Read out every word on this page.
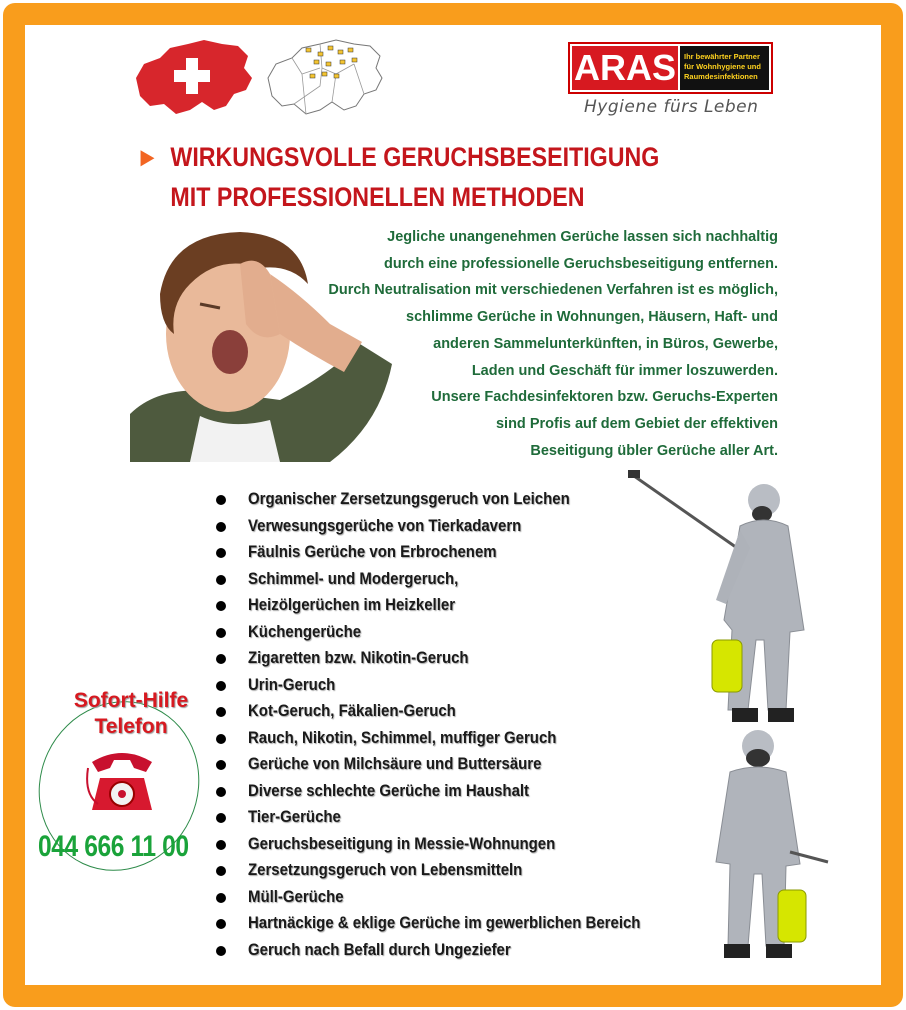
ARAS Ihr bewährter Partner
für Wohnhygiene und
Raumdesinfektionen
Hygiene fürs Leben
► WIRKUNGSVOLLE GERUCHSBESEITIGUNG
MIT PROFESSIONELLEN METHODEN
Jegliche unangenehmen Gerüche lassen sich nachhaltig
durch eine professionelle Geruchsbeseitigung entfernen.
Durch Neutralisation mit verschiedenen Verfahren ist es möglich,
schlimme Gerüche in Wohnungen, Häusern, Haft- und
anderen Sammelunterkünften, in Büros, Gewerbe,
Laden und Geschäft für immer loszuwerden.
Unsere Fachdesinfektoren bzw. Geruchs-Experten
sind Profis auf dem Gebiet der effektiven
Beseitigung übler Gerüche aller Art.
Organischer Zersetzungsgeruch von Leichen
Verwesungsgerüche von Tierkadavern
Fäulnis Gerüche von Erbrochenem
Schimmel- und Modergeruch,
Heizölgerüchen im Heizkeller
Küchengerüche
Zigaretten bzw. Nikotin-Geruch
Urin-Geruch
Kot-Geruch, Fäkalien-Geruch
Rauch, Nikotin, Schimmel, muffiger Geruch
Gerüche von Milchsäure und Buttersäure
Diverse schlechte Gerüche im Haushalt
Tier-Gerüche
Geruchsbeseitigung in Messie-Wohnungen
Zersetzungsgeruch von Lebensmitteln
Müll-Gerüche
Hartnäckige & eklige Gerüche im gewerblichen Bereich
Geruch nach Befall durch Ungeziefer
Sofort-Hilfe
Telefon
044 666 11 00
